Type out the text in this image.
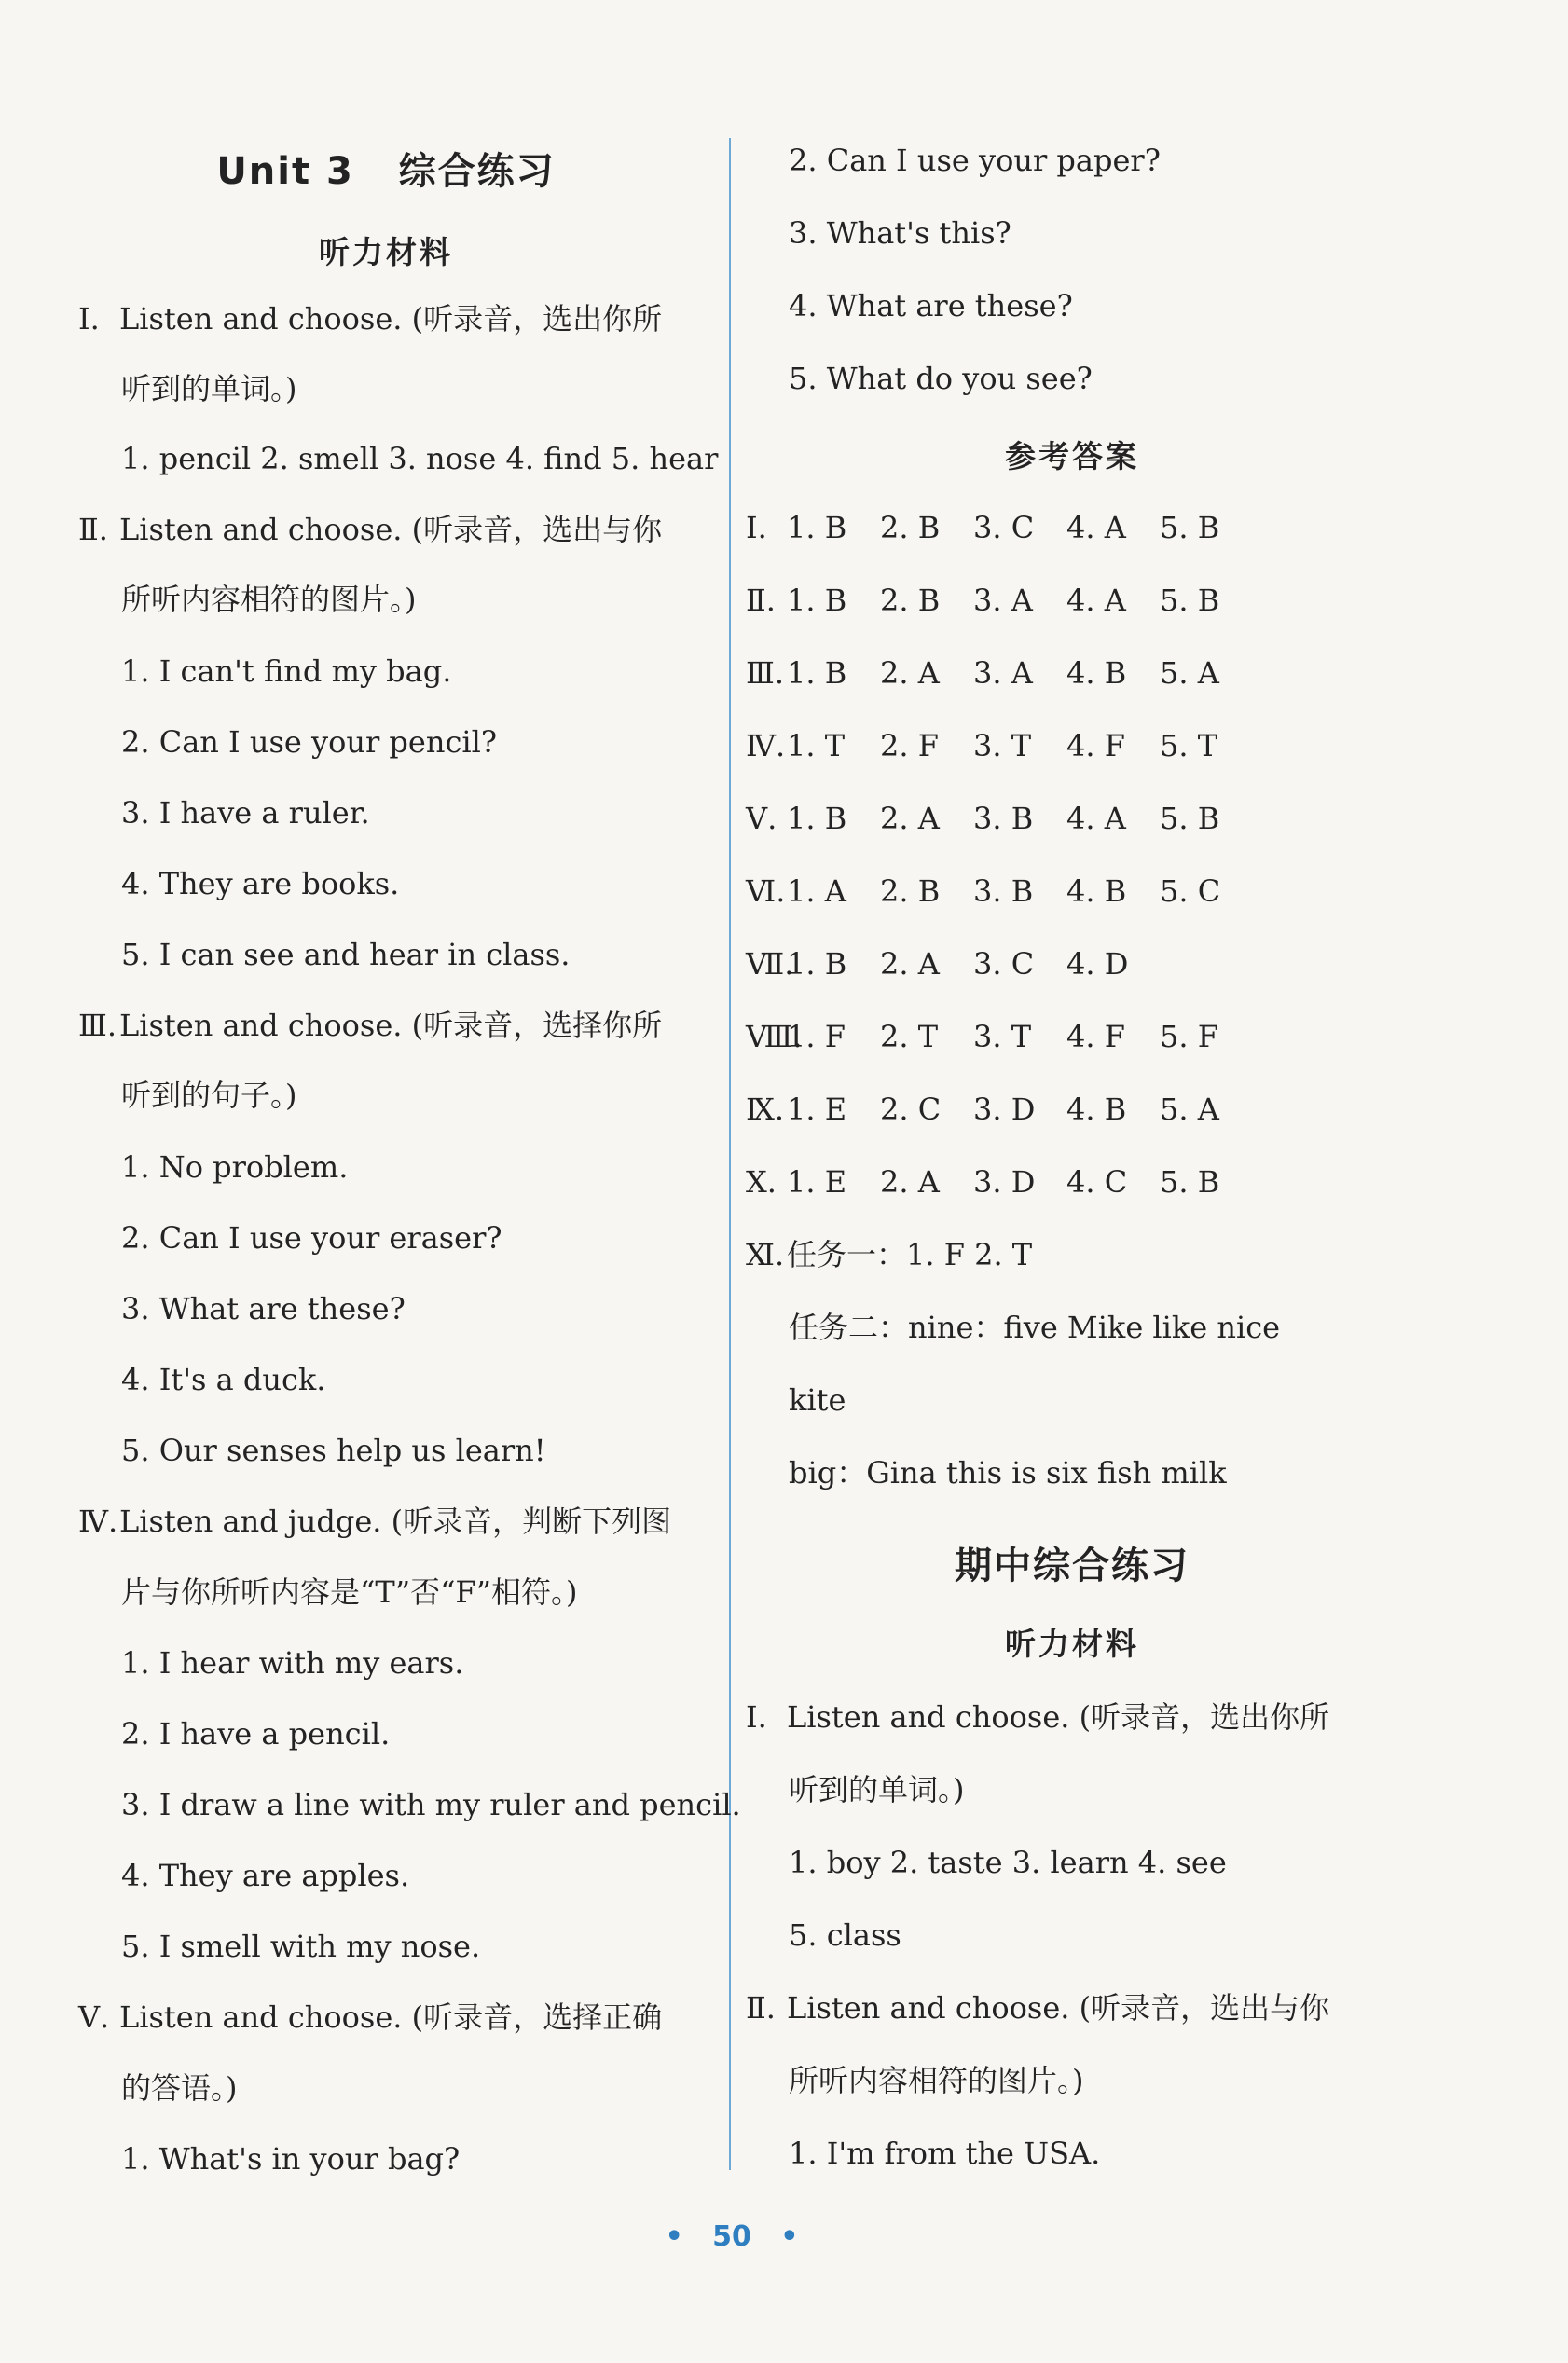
Unit 3   综合练习
听力材料
Ⅰ. Listen and choose. (听录音，选出你所
听到的单词。)
1. pencil 2. smell 3. nose 4. find 5. hear
Ⅱ. Listen and choose. (听录音，选出与你
所听内容相符的图片。)
1. I can't find my bag.
2. Can I use your pencil?
3. I have a ruler.
4. They are books.
5. I can see and hear in class.
Ⅲ.Listen and choose. (听录音，选择你所
听到的句子。)
1. No problem.
2. Can I use your eraser?
3. What are these?
4. It's a duck.
5. Our senses help us learn!
Ⅳ.Listen and judge. (听录音，判断下列图
片与你所听内容是“T”否“F”相符。)
1. I hear with my ears.
2. I have a pencil.
3. I draw a line with my ruler and pencil.
4. They are apples.
5. I smell with my nose.
Ⅴ. Listen and choose. (听录音，选择正确
的答语。)
1. What's in your bag?
2. Can I use your paper?
3. What's this?
4. What are these?
5. What do you see?
参考答案
Ⅰ. 1. B 2. B 3. C 4. A 5. B
Ⅱ. 1. B 2. B 3. A 4. A 5. B
Ⅲ.1. B 2. A 3. A 4. B 5. A
Ⅳ.1. T 2. F 3. T 4. F 5. T
Ⅴ. 1. B 2. A 3. B 4. A 5. B
Ⅵ.1. A 2. B 3. B 4. B 5. C
Ⅶ.1. B 2. A 3. C 4. D
Ⅷ.1. F 2. T 3. T 4. F 5. F
Ⅸ.1. E 2. C 3. D 4. B 5. A
Ⅹ. 1. E 2. A 3. D 4. C 5. B
Ⅺ.任务一：1. F 2. T
任务二：nine：five Mike like nice
kite
big：Gina this is six fish milk
期中综合练习
听力材料
Ⅰ. Listen and choose. (听录音，选出你所
听到的单词。)
1. boy 2. taste 3. learn 4. see
5. class
Ⅱ. Listen and choose. (听录音，选出与你
所听内容相符的图片。)
1. I'm from the USA.
• 50 •
